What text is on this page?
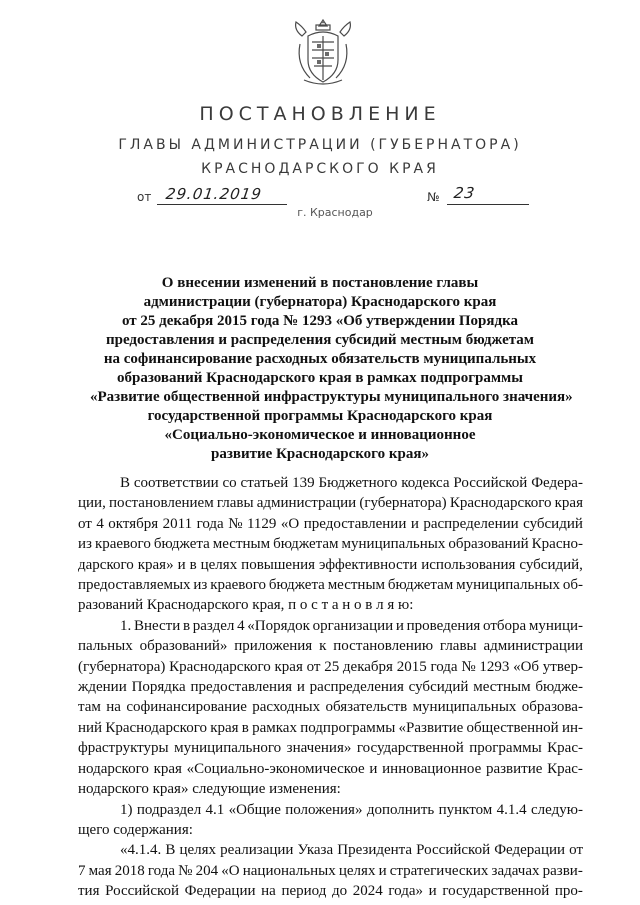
ПОСТАНОВЛЕНИЕ
ГЛАВЫ АДМИНИСТРАЦИИ (ГУБЕРНАТОРА)
КРАСНОДАРСКОГО КРАЯ
от 29.01.2019	№ 23
г. Краснодар
О внесении изменений в постановление главы
администрации (губернатора) Краснодарского края
от 25 декабря 2015 года № 1293 «Об утверждении Порядка
предоставления и распределения субсидий местным бюджетам
на софинансирование расходных обязательств муниципальных
образований Краснодарского края в рамках подпрограммы
«Развитие общественной инфраструктуры муниципального значения»
государственной программы Краснодарского края
«Социально-экономическое и инновационное
развитие Краснодарского края»
В соответствии со статьей 139 Бюджетного кодекса Российской Федера-
ции, постановлением главы администрации (губернатора) Краснодарского края
от 4 октября 2011 года № 1129 «О предоставлении и распределении субсидий
из краевого бюджета местным бюджетам муниципальных образований Красно-
дарского края» и в целях повышения эффективности использования субсидий,
предоставляемых из краевого бюджета местным бюджетам муниципальных об-
разований Краснодарского края, п о с т а н о в л я ю:
1. Внести в раздел 4 «Порядок организации и проведения отбора муници-
пальных образований» приложения к постановлению главы администрации
(губернатора) Краснодарского края от 25 декабря 2015 года № 1293 «Об утвер-
ждении Порядка предоставления и распределения субсидий местным бюдже-
там на софинансирование расходных обязательств муниципальных образова-
ний Краснодарского края в рамках подпрограммы «Развитие общественной ин-
фраструктуры муниципального значения» государственной программы Крас-
нодарского края «Социально-экономическое и инновационное развитие Крас-
нодарского края» следующие изменения:
1) подраздел 4.1 «Общие положения» дополнить пунктом 4.1.4 следую-
щего содержания:
«4.1.4. В целях реализации Указа Президента Российской Федерации от
7 мая 2018 года № 204 «О национальных целях и стратегических задачах разви-
тия Российской Федерации на период до 2024 года» и государственной про-
